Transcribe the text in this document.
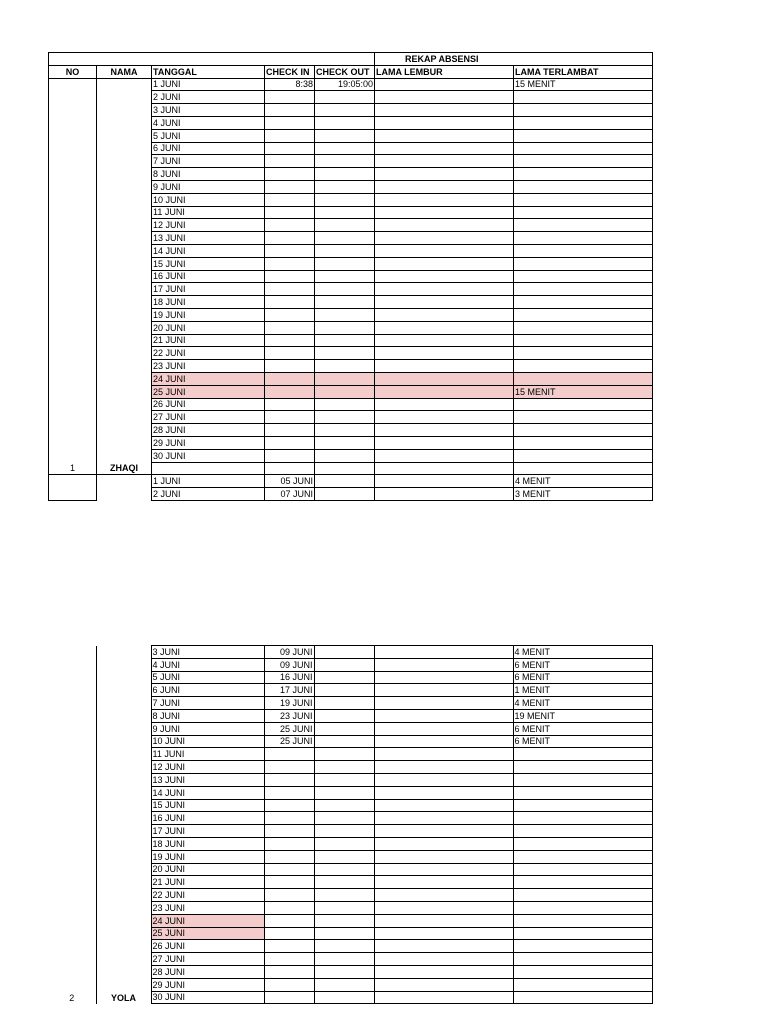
					REKAP ABSENSI	
NO	NAMA	TANGGAL	CHECK IN	CHECK OUT	LAMA LEMBUR	LAMA TERLAMBAT
1	ZHAQI	1 JUNI	8:38	19:05:00		15 MENIT
		2 JUNI				
		3 JUNI				
		4 JUNI				
		5 JUNI				
		6 JUNI				
		7 JUNI				
		8 JUNI				
		9 JUNI				
		10 JUNI				
		11 JUNI				
		12 JUNI				
		13 JUNI				
		14 JUNI				
		15 JUNI				
		16 JUNI				
		17 JUNI				
		18 JUNI				
		19 JUNI				
		20 JUNI				
		21 JUNI				
		22 JUNI				
		23 JUNI				
		24 JUNI				
		25 JUNI				15 MENIT
		26 JUNI				
		27 JUNI				
		28 JUNI				
		29 JUNI				
		30 JUNI				

		1 JUNI	05 JUNI			4 MENIT
		2 JUNI	07 JUNI			3 MENIT
2	YOLA	3 JUNI	09 JUNI			4 MENIT
		4 JUNI	09 JUNI			6 MENIT
		5 JUNI	16 JUNI			6 MENIT
		6 JUNI	17 JUNI			1 MENIT
		7 JUNI	19 JUNI			4 MENIT
		8 JUNI	23 JUNI			19 MENIT
		9 JUNI	25 JUNI			6 MENIT
		10 JUNI	25 JUNI			6 MENIT
		11 JUNI				
		12 JUNI				
		13 JUNI				
		14 JUNI				
		15 JUNI				
		16 JUNI				
		17 JUNI				
		18 JUNI				
		19 JUNI				
		20 JUNI				
		21 JUNI				
		22 JUNI				
		23 JUNI				
		24 JUNI				
		25 JUNI				
		26 JUNI				
		27 JUNI				
		28 JUNI				
		29 JUNI				
		30 JUNI				
